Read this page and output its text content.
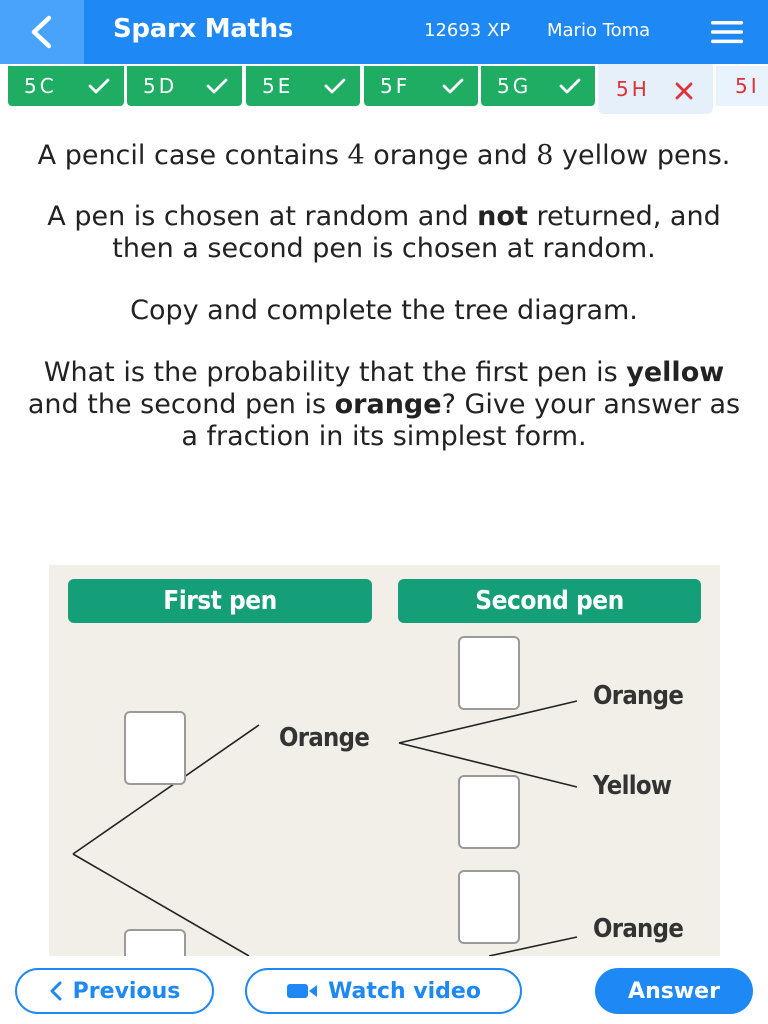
Sparx Maths	12693 XP Mario Toma
5C	5D	5E	5F	5G	5H	5I

A pencil case contains 4 orange and 8 yellow pens.

A pen is chosen at random and not returned, and then a second pen is chosen at random.

Copy and complete the tree diagram.

What is the probability that the first pen is yellow and the second pen is orange? Give your answer as a fraction in its simplest form.

First pen	Second pen
Orange
Orange
Yellow
Orange
Previous	Watch video	Answer
